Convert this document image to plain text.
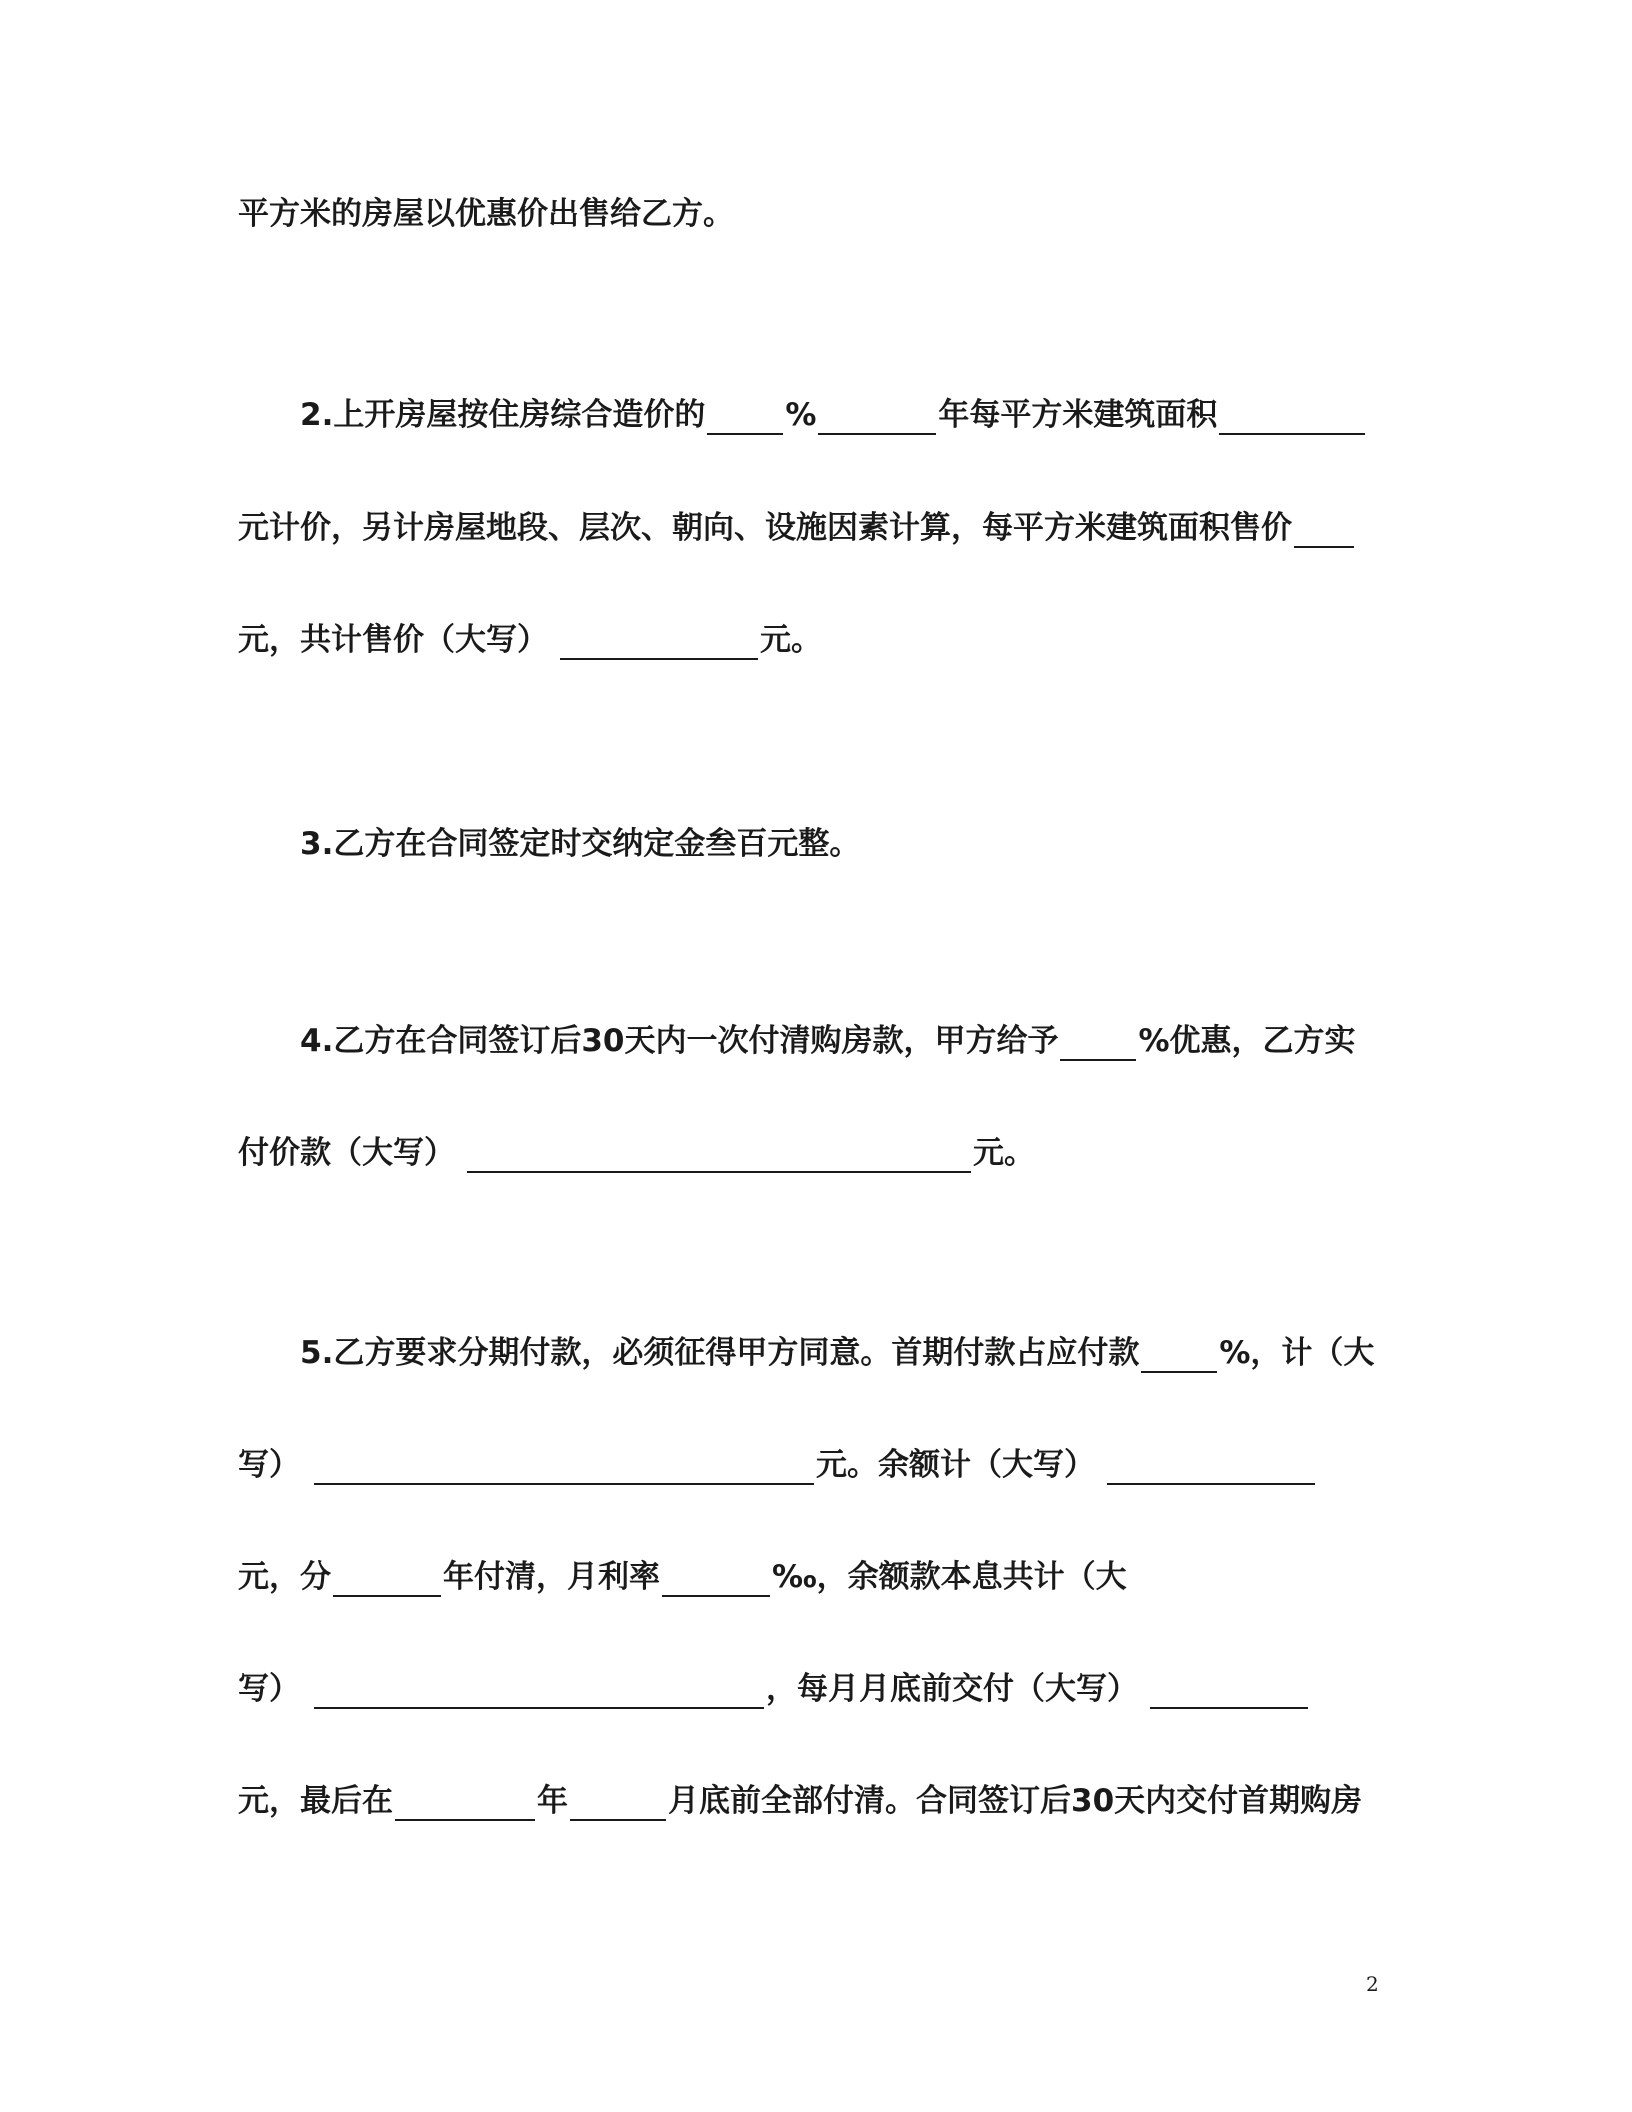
平方米的房屋以优惠价出售给乙方。
2.上开房屋按住房综合造价的	%	年每平方米建筑面积
元计价，另计房屋地段、层次、朝向、设施因素计算，每平方米建筑面积售价
元，共计售价（大写）	元。
3.乙方在合同签定时交纳定金叁百元整。
4.乙方在合同签订后30天内一次付清购房款，甲方给予	%优惠，乙方实
付价款（大写）	元。
5.乙方要求分期付款，必须征得甲方同意。首期付款占应付款	%，计（大
写）	元。余额计（大写）
元，分	年付清，月利率	‰，余额款本息共计（大
写）	，每月月底前交付（大写）
元，最后在	年	月底前全部付清。合同签订后30天内交付首期购房
2
